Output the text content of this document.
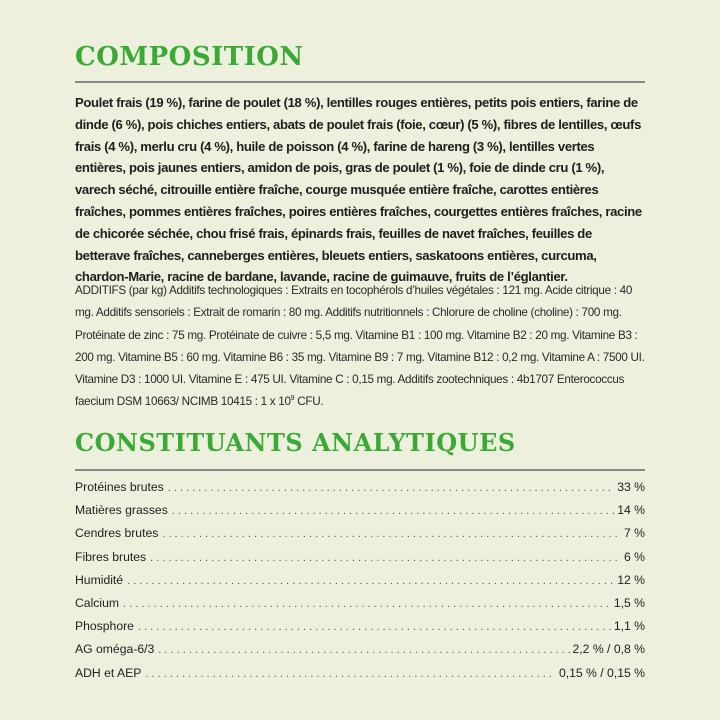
COMPOSITION

Poulet frais (19 %), farine de poulet (18 %), lentilles rouges entières, petits pois entiers, farine de dinde (6 %), pois chiches entiers, abats de poulet frais (foie, cœur) (5 %), fibres de lentilles, œufs frais (4 %), merlu cru (4 %), huile de poisson (4 %), farine de hareng (3 %), lentilles vertes entières, pois jaunes entiers, amidon de pois, gras de poulet (1 %), foie de dinde cru (1 %), varech séché, citrouille entière fraîche, courge musquée entière fraîche, carottes entières fraîches, pommes entières fraîches, poires entières fraîches, courgettes entières fraîches, racine de chicorée séchée, chou frisé frais, épinards frais, feuilles de navet fraîches, feuilles de betterave fraîches, canneberges entières, bleuets entiers, saskatoons entières, curcuma, chardon-Marie, racine de bardane, lavande, racine de guimauve, fruits de l’églantier.

ADDITIFS (par kg) Additifs technologiques : Extraits en tocophérols d’huiles végétales : 121 mg. Acide citrique : 40 mg. Additifs sensoriels : Extrait de romarin : 80 mg. Additifs nutritionnels : Chlorure de choline (choline) : 700 mg. Protéinate de zinc : 75 mg. Protéinate de cuivre : 5,5 mg. Vitamine B1 : 100 mg. Vitamine B2 : 20 mg. Vitamine B3 : 200 mg. Vitamine B5 : 60 mg. Vitamine B6 : 35 mg. Vitamine B9 : 7 mg. Vitamine B12 : 0,2 mg. Vitamine A : 7500 UI. Vitamine D3 : 1000 UI. Vitamine E : 475 UI. Vitamine C : 0,15 mg. Additifs zootechniques : 4b1707 Enterococcus faecium DSM 10663/ NCIMB 10415 : 1 x $10^9$ CFU.

CONSTITUANTS ANALYTIQUES
Protéines brutes . . .	33 %
Matières grasses . . .	14 %
Cendres brutes . . .	7 %
Fibres brutes . . .	6 %
Humidité . . .	12 %
Calcium . . .	1,5 %
Phosphore . . .	1,1 %
AG oméga-6/3 . . .	2,2 % / 0,8 %
ADH et AEP . . .	0,15 % / 0,15 %
